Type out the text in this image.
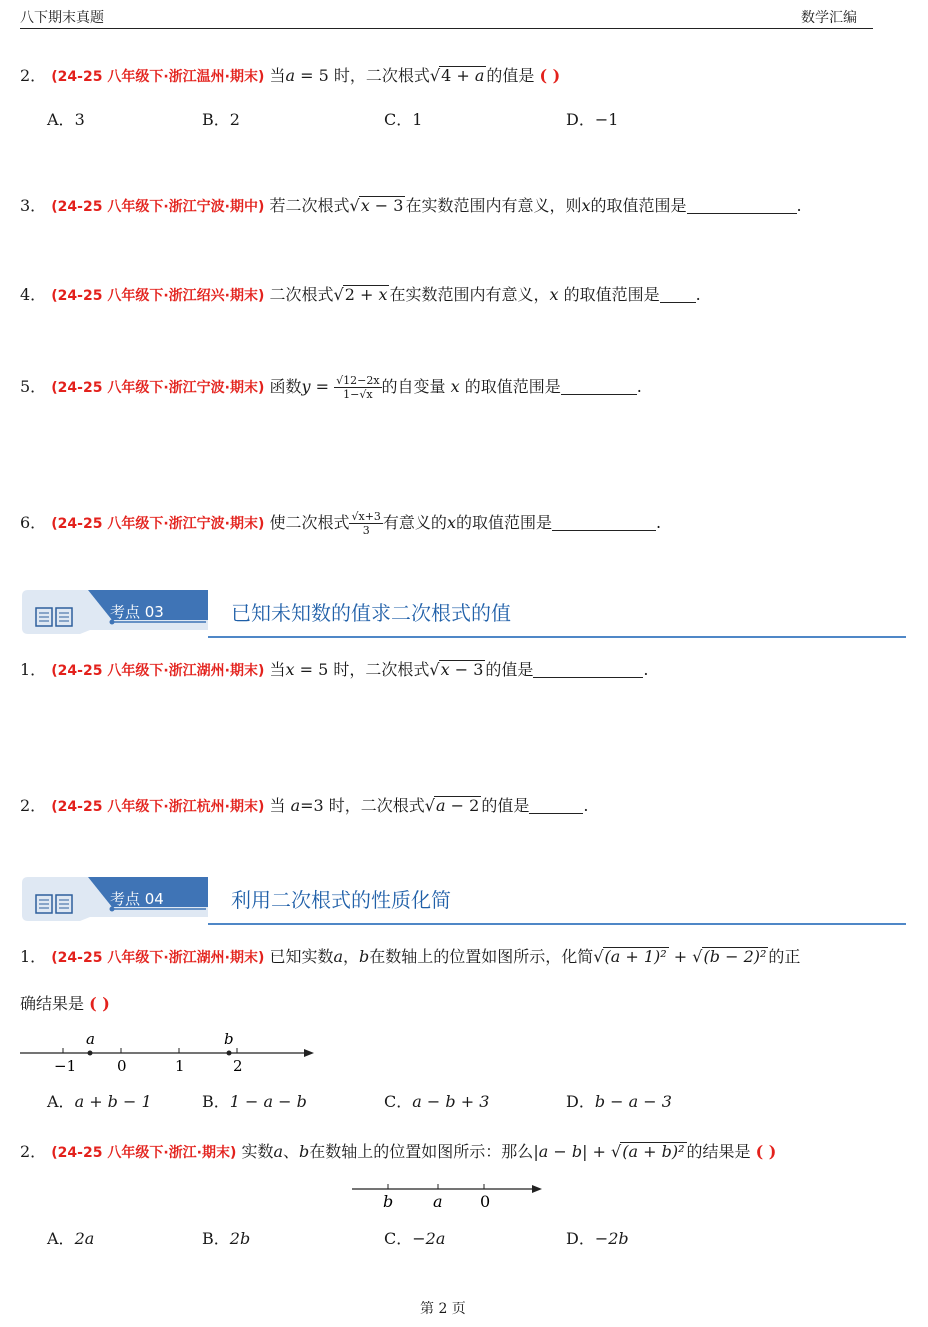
八下期末真题	数学汇编
2． (24-25 八年级下·浙江温州·期末) 当a = 5 时，二次根式√4 + a 的值是 ( )
A．3	B．2	C．1	D．−1
3． (24-25 八年级下·浙江宁波·期中) 若二次根式√x − 3 在实数范围内有意义，则x的取值范围是	.
4． (24-25 八年级下·浙江绍兴·期末) 二次根式√2 + x 在实数范围内有意义，x 的取值范围是 .
5． (24-25 八年级下·浙江宁波·期末) 函数$y = \frac{√12-2x}{1-√x}$ 的自变量 x 的取值范围是	.
6． (24-25 八年级下·浙江宁波·期末) 使二次根式 $\frac{√x+3}{3}$ 有意义的x的取值范围是	.
考点 03	已知未知数的值求二次根式的值
1． (24-25 八年级下·浙江湖州·期末) 当x = 5 时，二次根式√x − 3 的值是	.
2． (24-25 八年级下·浙江杭州·期末) 当 a=3 时，二次根式√a − 2 的值是	.
考点 04	利用二次根式的性质化简
1． (24-25 八年级下·浙江湖州·期末) 已知实数a，b在数轴上的位置如图所示，化简√(a + 1)² + √(b − 2)² 的正
确结果是 ( )
−1	0	1	2
a	b
A．a + b − 1	B．1 − a − b	C．a − b + 3	D．b − a − 3
2． (24-25 八年级下·浙江·期末) 实数a、b在数轴上的位置如图所示：那么|a − b| + √(a + b)² 的结果是 ( )
b a 0
A．2a	B．2b	C．−2a	D．−2b
第 2 页
